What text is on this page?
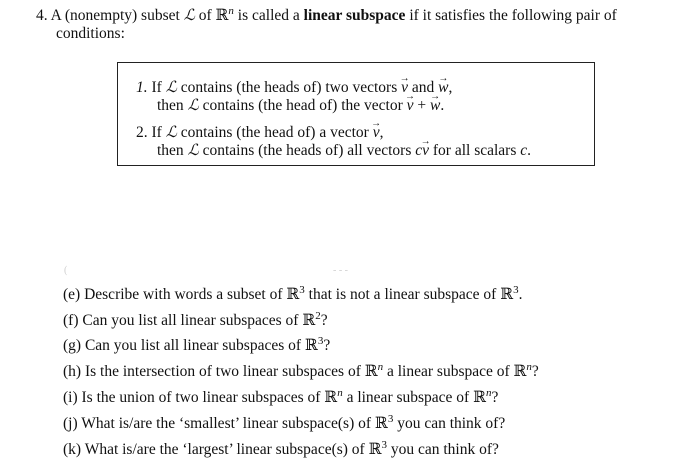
4. A (nonempty) subset ℒ of ℝ$^n$ is called a linear subspace if it satisfies the following pair of
conditions:
1. If ℒ contains (the heads of) two vectors v → and w →,
then ℒ contains (the head of) the vector v → + w →.
2. If ℒ contains (the head of) a vector v →,
then ℒ contains (the heads of) all vectors cv → for all scalars c.
(	- - -
(e) Describe with words a subset of ℝ$^3$ that is not a linear subspace of ℝ$^3$.
(f) Can you list all linear subspaces of ℝ$^2$?
(g) Can you list all linear subspaces of ℝ$^3$?
(h) Is the intersection of two linear subspaces of ℝ$^n$ a linear subspace of ℝ$^n$?
(i) Is the union of two linear subspaces of ℝ$^n$ a linear subspace of ℝ$^n$?
(j) What is/are the ‘smallest’ linear subspace(s) of ℝ$^3$ you can think of?
(k) What is/are the ‘largest’ linear subspace(s) of ℝ$^3$ you can think of?
